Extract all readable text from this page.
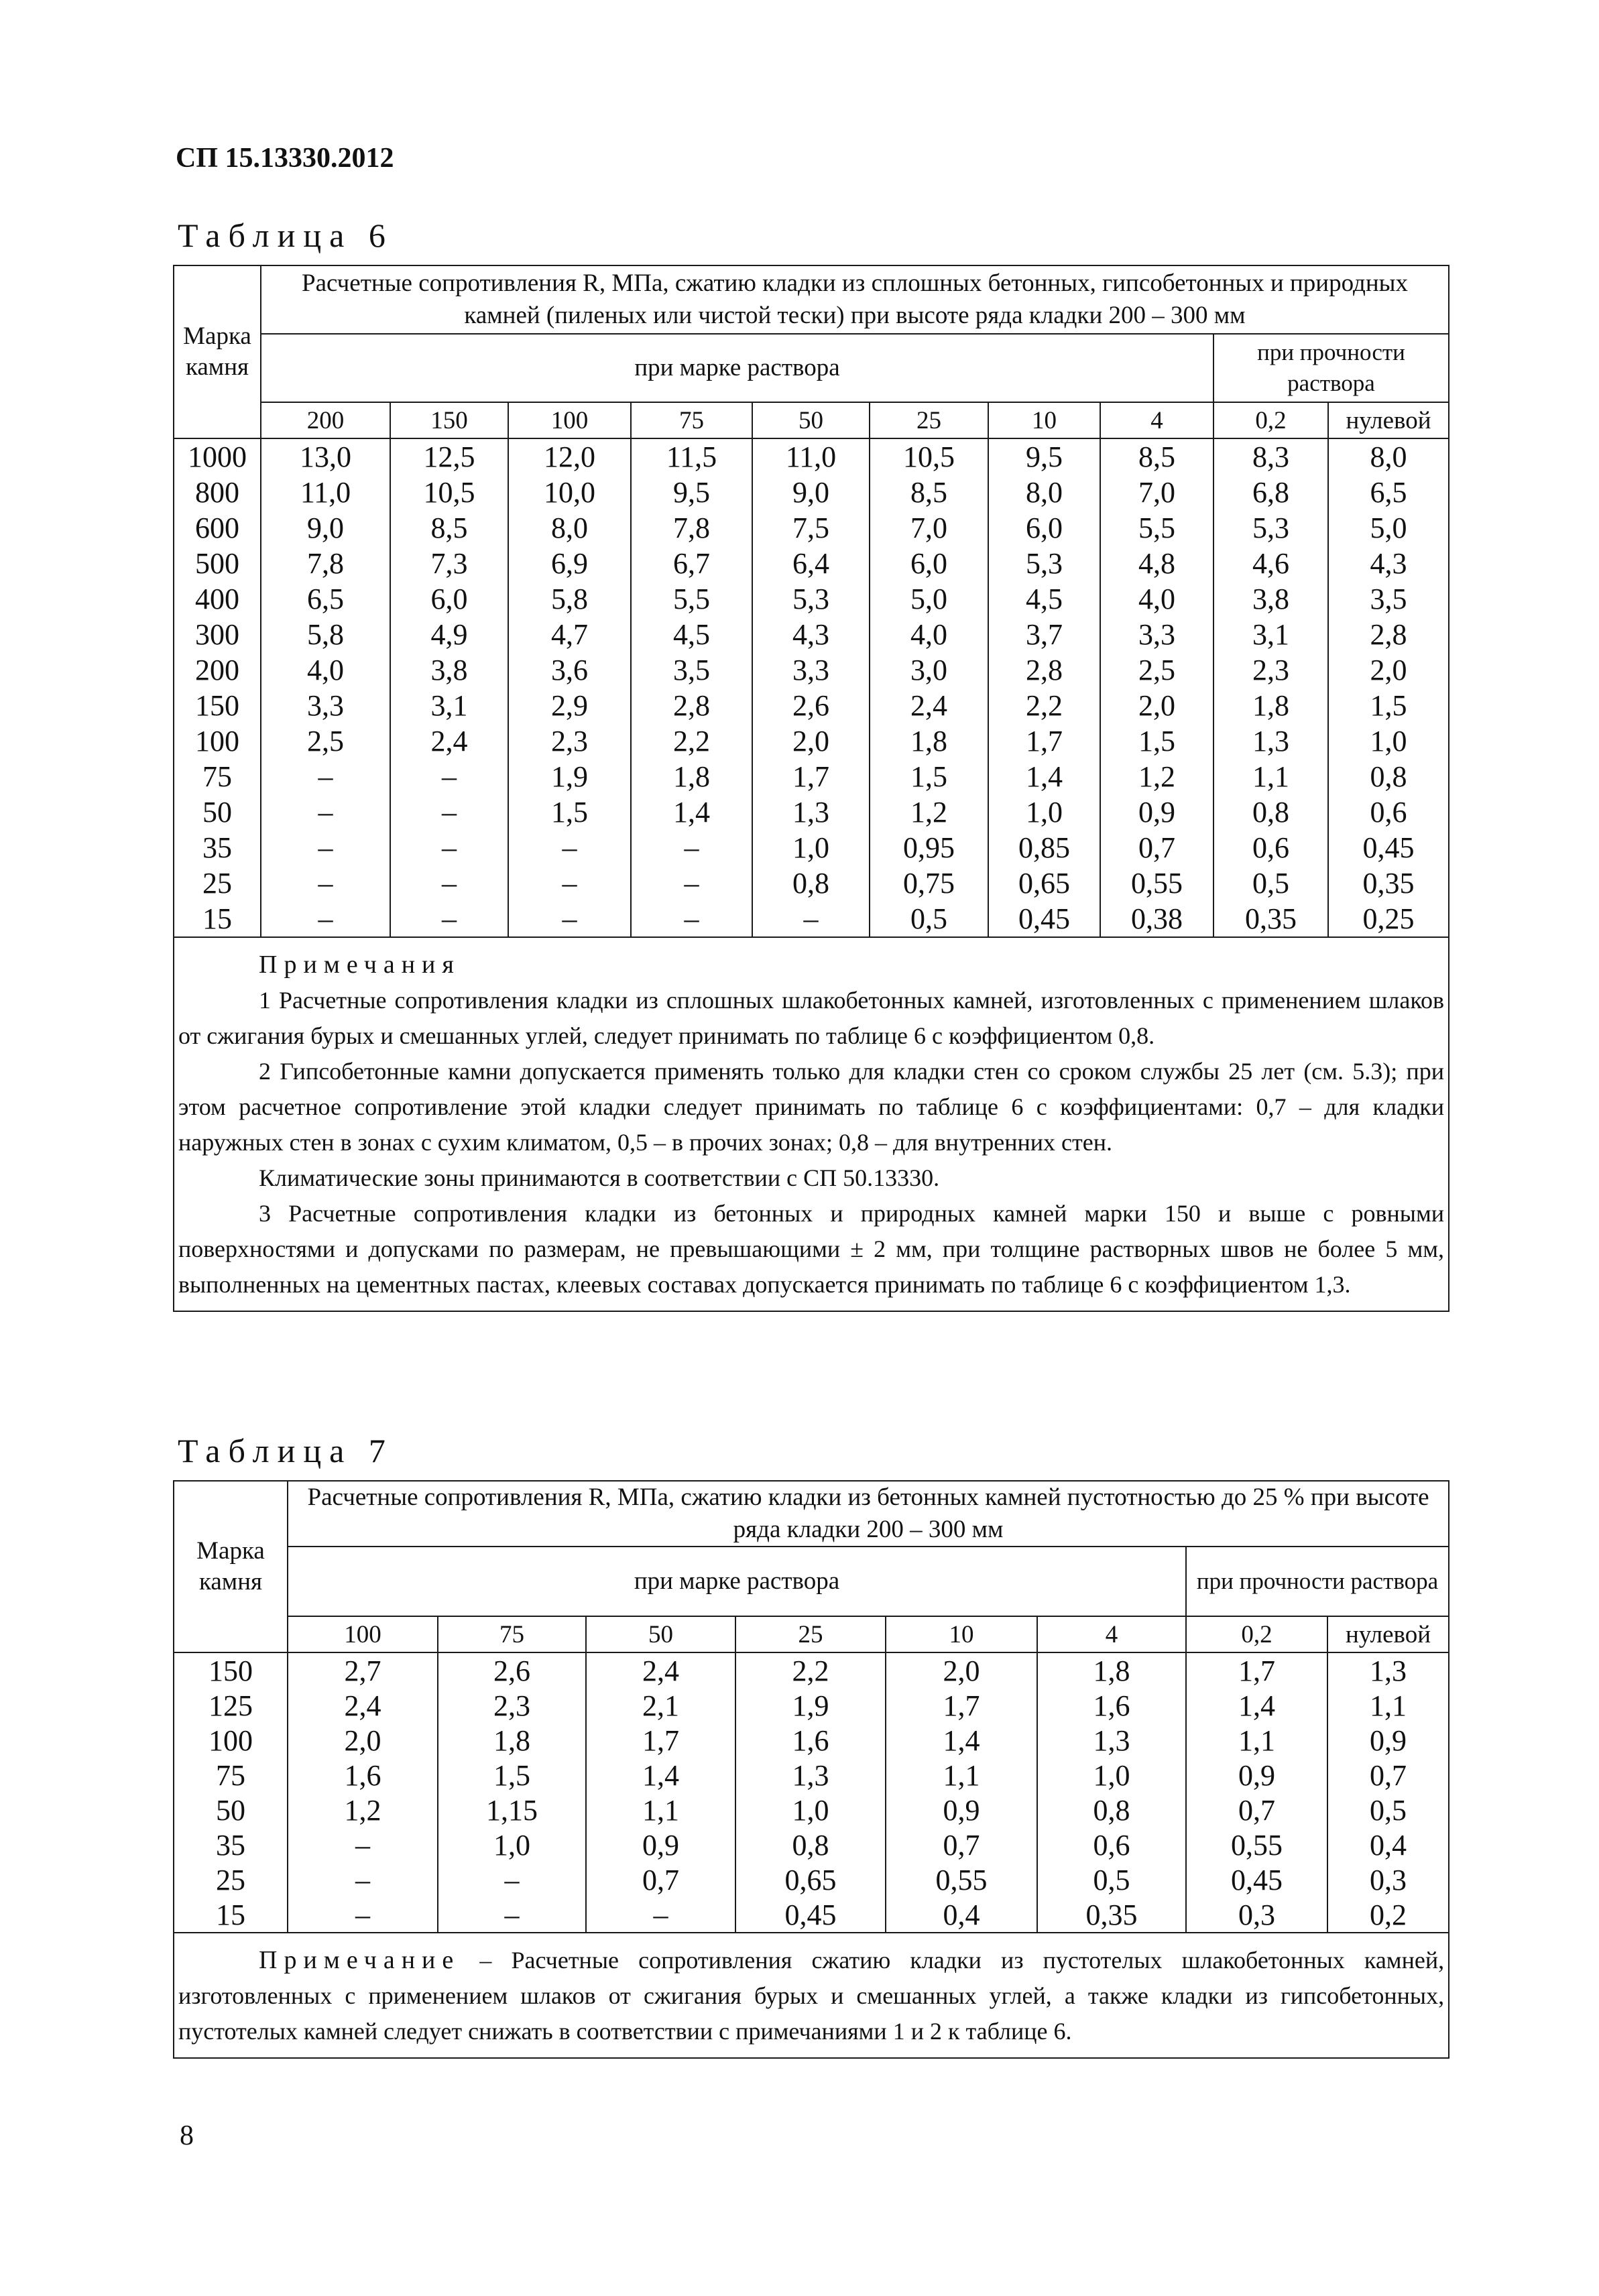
СП 15.13330.2012

Таблица 6

Марка камня	Расчетные сопротивления R, МПа, сжатию кладки из сплошных бетонных, гипсобетонных и природных камней (пиленых или чистой тески) при высоте ряда кладки 200 – 300 мм									
	при марке раствора								при прочности раствора	
	200	150	100	75	50	25	10	4	0,2	нулевой
1000	13,0	12,5	12,0	11,5	11,0	10,5	9,5	8,5	8,3	8,0
800	11,0	10,5	10,0	9,5	9,0	8,5	8,0	7,0	6,8	6,5
600	9,0	8,5	8,0	7,8	7,5	7,0	6,0	5,5	5,3	5,0
500	7,8	7,3	6,9	6,7	6,4	6,0	5,3	4,8	4,6	4,3
400	6,5	6,0	5,8	5,5	5,3	5,0	4,5	4,0	3,8	3,5
300	5,8	4,9	4,7	4,5	4,3	4,0	3,7	3,3	3,1	2,8
200	4,0	3,8	3,6	3,5	3,3	3,0	2,8	2,5	2,3	2,0
150	3,3	3,1	2,9	2,8	2,6	2,4	2,2	2,0	1,8	1,5
100	2,5	2,4	2,3	2,2	2,0	1,8	1,7	1,5	1,3	1,0
75	–	–	1,9	1,8	1,7	1,5	1,4	1,2	1,1	0,8
50	–	–	1,5	1,4	1,3	1,2	1,0	0,9	0,8	0,6
35	–	–	–	–	1,0	0,95	0,85	0,7	0,6	0,45
25	–	–	–	–	0,8	0,75	0,65	0,55	0,5	0,35
15	–	–	–	–	–	0,5	0,45	0,38	0,35	0,25

Примечания

1 Расчетные сопротивления кладки из сплошных шлакобетонных камней, изготовленных с применением шлаков от сжигания бурых и смешанных углей, следует принимать по таблице 6 с коэффициентом 0,8.

2 Гипсобетонные камни допускается применять только для кладки стен со сроком службы 25 лет (см. 5.3); при этом расчетное сопротивление этой кладки следует принимать по таблице 6 с коэффициентами: 0,7 – для кладки наружных стен в зонах с сухим климатом, 0,5 – в прочих зонах; 0,8 – для внутренних стен.

Климатические зоны принимаются в соответствии с СП 50.13330.

3 Расчетные сопротивления кладки из бетонных и природных камней марки 150 и выше с ровными поверхностями и допусками по размерам, не превышающими ± 2 мм, при толщине растворных швов не более 5 мм, выполненных на цементных пастах, клеевых составах допускается принимать по таблице 6 с коэффициентом 1,3.										

Таблица 7

Марка камня	Расчетные сопротивления R, МПа, сжатию кладки из бетонных камней пустотностью до 25 % при высоте ряда кладки 200 – 300 мм							
	при марке раствора						при прочности раствора	
	100	75	50	25	10	4	0,2	нулевой
150	2,7	2,6	2,4	2,2	2,0	1,8	1,7	1,3
125	2,4	2,3	2,1	1,9	1,7	1,6	1,4	1,1
100	2,0	1,8	1,7	1,6	1,4	1,3	1,1	0,9
75	1,6	1,5	1,4	1,3	1,1	1,0	0,9	0,7
50	1,2	1,15	1,1	1,0	0,9	0,8	0,7	0,5
35	–	1,0	0,9	0,8	0,7	0,6	0,55	0,4
25	–	–	0,7	0,65	0,55	0,5	0,45	0,3
15	–	–	–	0,45	0,4	0,35	0,3	0,2

Примечание – Расчетные сопротивления сжатию кладки из пустотелых шлакобетонных камней, изготовленных с применением шлаков от сжигания бурых и смешанных углей, а также кладки из гипсобетонных, пустотелых камней следует снижать в соответствии с примечаниями 1 и 2 к таблице 6.								

8
